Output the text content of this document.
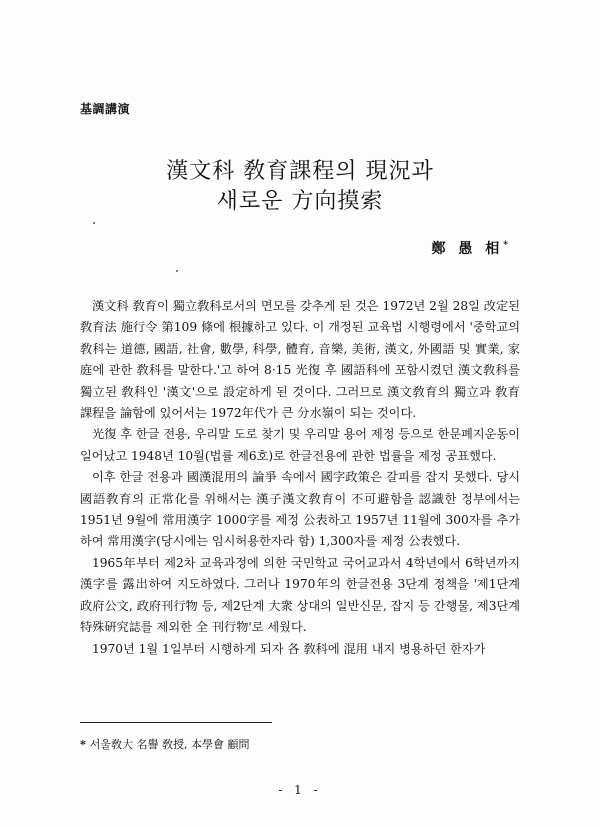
基調講演
漢文科 敎育課程의 現況과
새로운 方向摸索
鄭 愚 相*

漢文科 敎育이 獨立敎科로서의 면모를 갖추게 된 것은 1972년 2월 28일 改定된 敎育法 施行令 第109 條에 根據하고 있다. 이 개정된 교육법 시행령에서 '중학교의 敎科는 道德, 國語, 社會, 數學, 科學, 體育, 音樂, 美術, 漢文, 外國語 및 實業, 家庭에 관한 敎科를 말한다.'고 하여 8·15 光復 후 國語科에 포함시켰던 漢文敎科를 獨立된 敎科인 '漢文'으로 設定하게 된 것이다. 그러므로 漢文敎育의 獨立과 敎育課程을 論함에 있어서는 1972年代가 큰 分水嶺이 되는 것이다.

光復 후 한글 전용, 우리말 도로 찾기 및 우리말 용어 제정 등으로 한문폐지운동이 일어났고 1948년 10월(법률 제6호)로 한글전용에 관한 법률을 제정 공표했다.

이후 한글 전용과 國漢混用의 論爭 속에서 國字政策은 갈피를 잡지 못했다. 당시 國語敎育의 正常化를 위해서는 漢子漢文敎育이 不可避함을 認識한 정부에서는 1951년 9월에 常用漢字 1000字를 제정 公表하고 1957년 11월에 300자를 추가하여 常用漢字(당시에는 임시허용한자라 함) 1,300자를 제정 公表했다.

1965年부터 제2차 교육과정에 의한 국민학교 국어교과서 4학년에서 6학년까지 漢字를 露出하여 지도하였다. 그러나 1970年의 한글전용 3단계 정책을 '제1단계 政府公文, 政府刊行物 등, 제2단계 大衆 상대의 일반신문, 잡지 등 간행물, 제3단계 特殊硏究誌를 제외한 全 刊行物'로 세웠다.

1970년 1월 1일부터 시행하게 되자 各 敎科에 混用 내지 병용하던 한자가

* 서울敎大 名譽 敎授, 本學會 顧問
- 1 -
